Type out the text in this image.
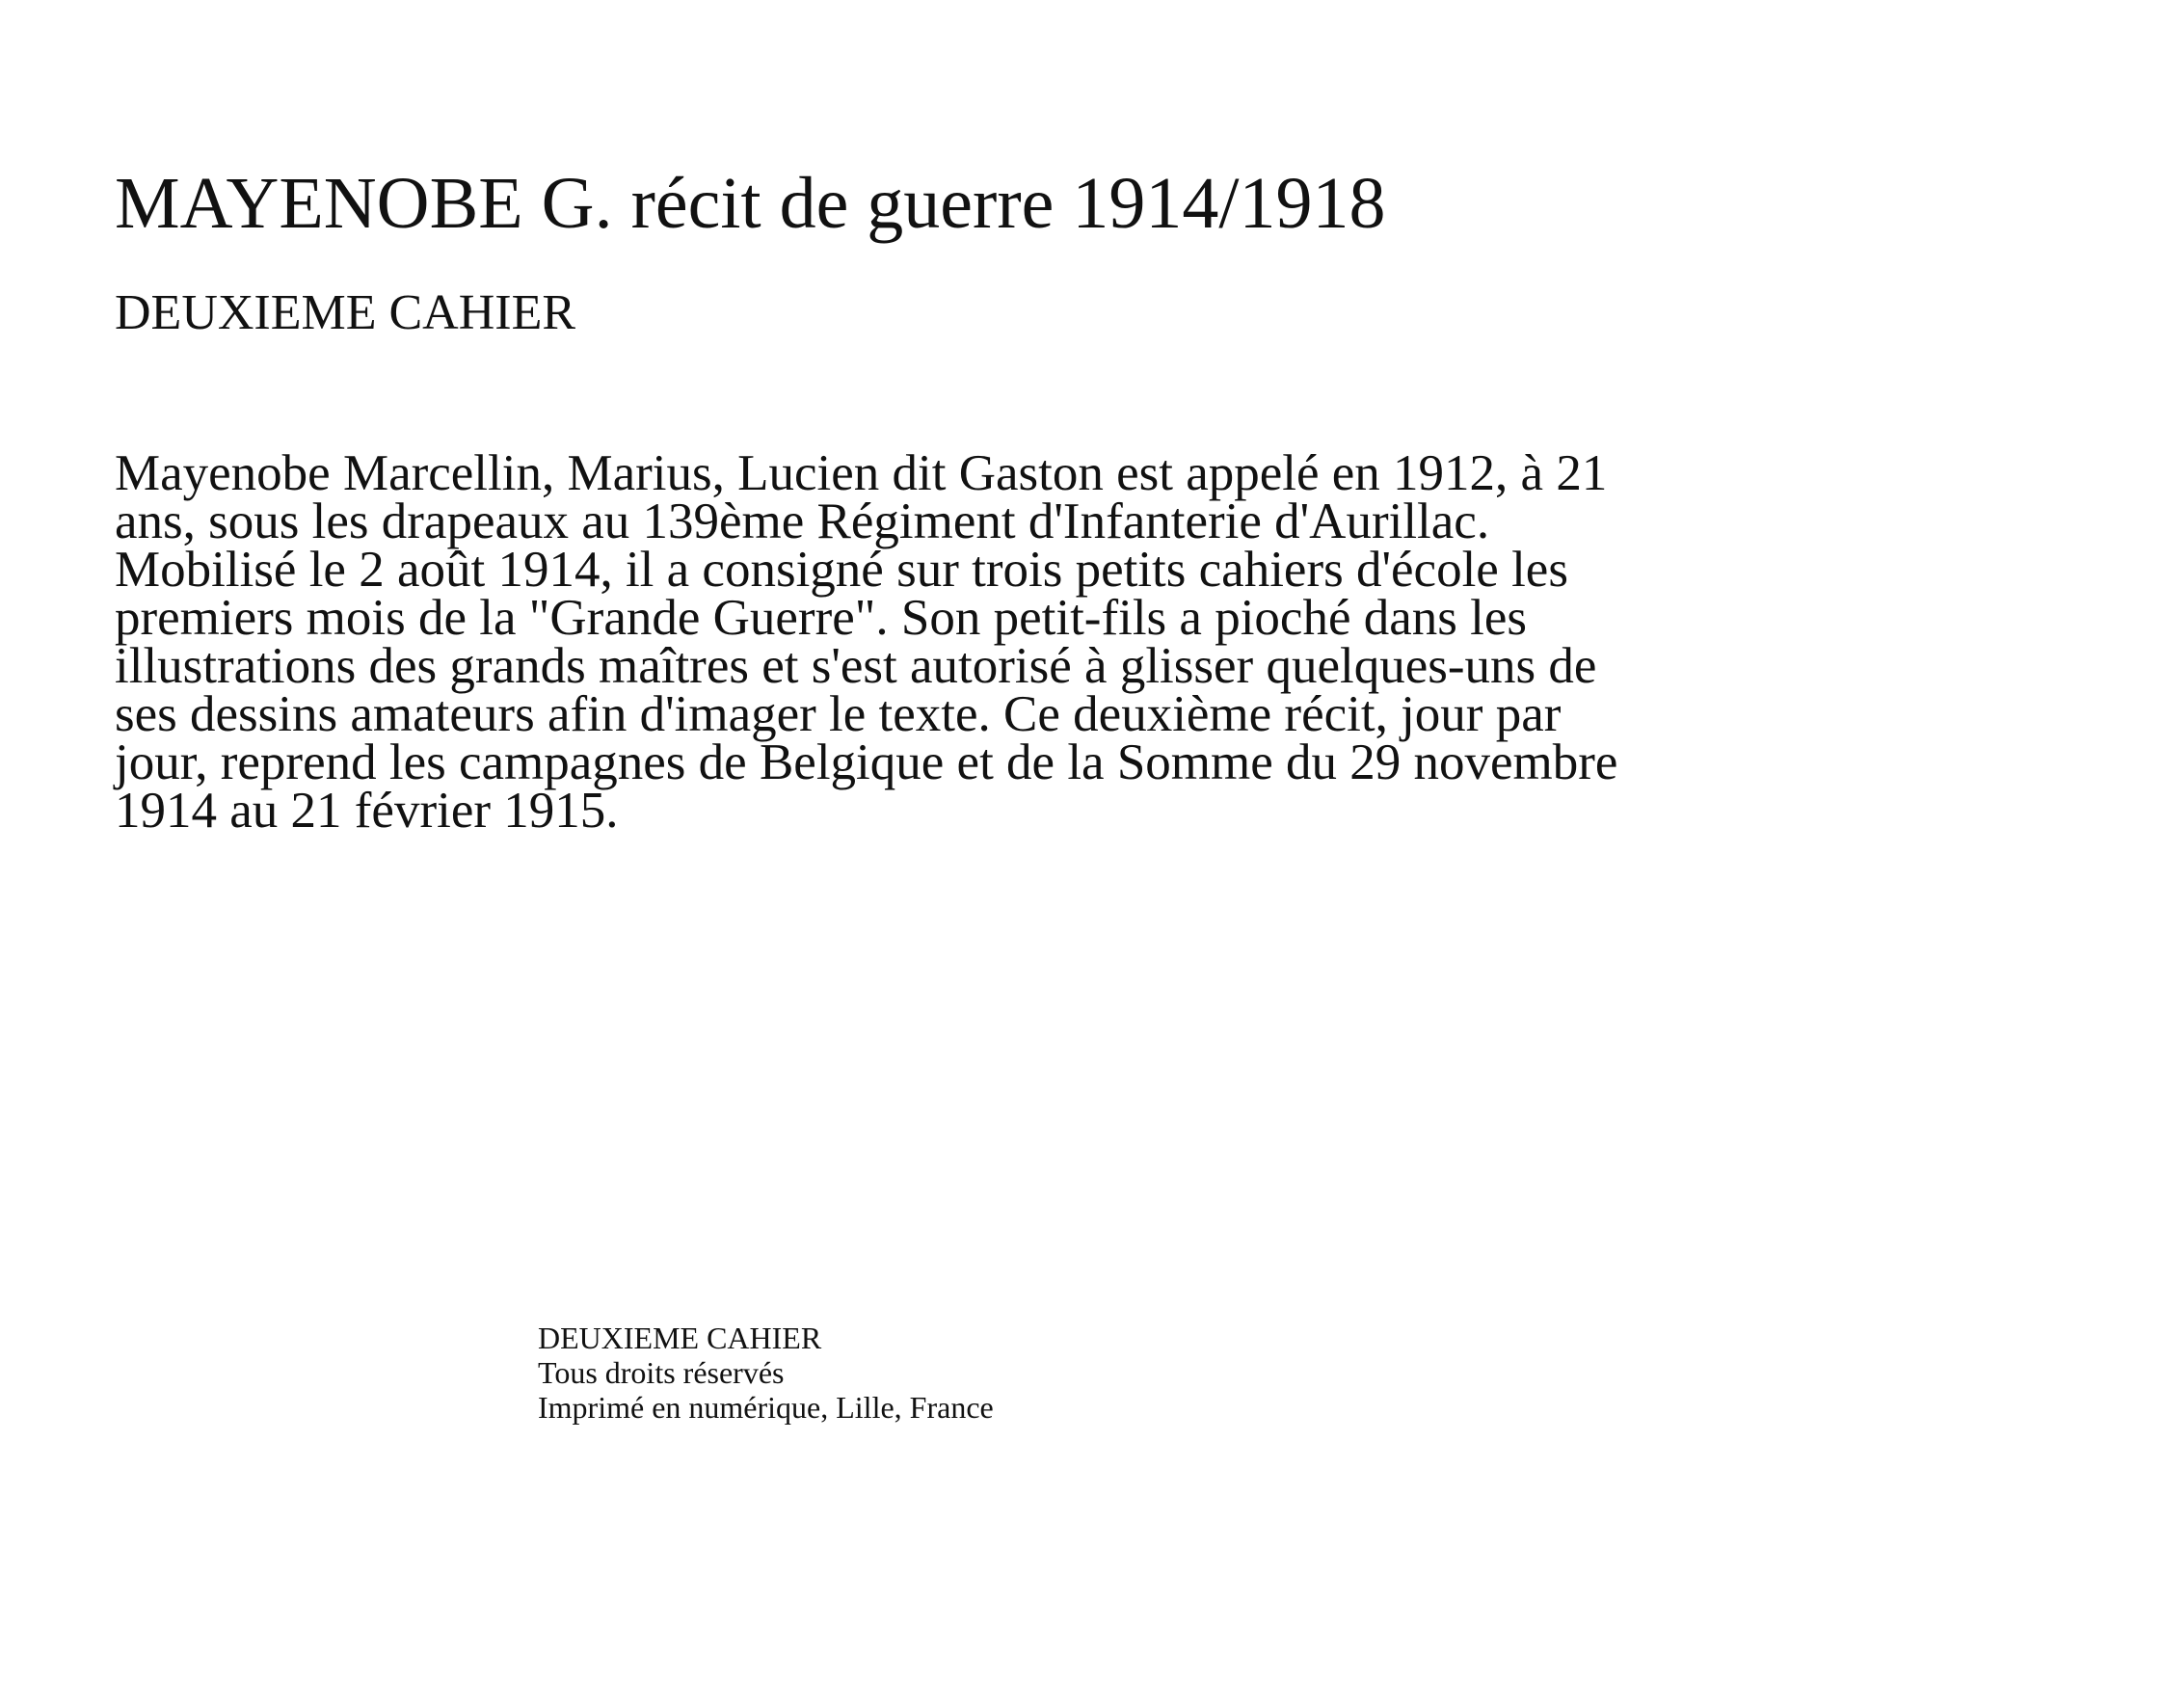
MAYENOBE G. récit de guerre 1914/1918
DEUXIEME CAHIER

Mayenobe Marcellin, Marius, Lucien dit Gaston est appelé en 1912, à 21 ans, sous les drapeaux au 139ème Régiment d'Infanterie d'Aurillac. Mobilisé le 2 août 1914, il a consigné sur trois petits cahiers d'école les premiers mois de la "Grande Guerre". Son petit-fils a pioché dans les illustrations des grands maîtres et s'est autorisé à glisser quelques-uns de ses dessins amateurs afin d'imager le texte. Ce deuxième récit, jour par jour, reprend les campagnes de Belgique et de la Somme du 29 novembre 1914 au 21 février 1915.

DEUXIEME CAHIER
Tous droits réservés
Imprimé en numérique, Lille, France
